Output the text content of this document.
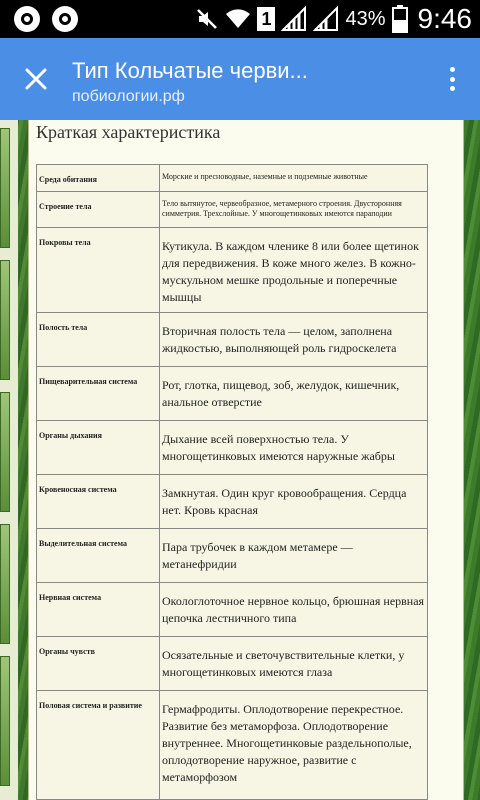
1	43% 9:46
Тип Кольчатые черви...
побиологии.рф
Краткая характеристика
Среда обитания	Морские и пресноводные, наземные и подземные животные
Строение тела	Тело вытянутое, червеобразное, метамерного строения. Двусторонняя симметрия. Трехслойные. У многощетинковых имеются параподии
Покровы тела	Кутикула. В каждом членике 8 или более щетинок для передвижения. В коже много желез. В кожно-мускульном мешке продольные и поперечные мышцы
Полость тела	Вторичная полость тела — целом, заполнена жидкостью, выполняющей роль гидроскелета
Пищеварительная система	Рот, глотка, пищевод, зоб, желудок, кишечник, анальное отверстие
Органы дыхания	Дыхание всей поверхностью тела. У многощетинковых имеются наружные жабры
Кровеносная система	Замкнутая. Один круг кровообращения. Сердца нет. Кровь красная
Выделительная система	Пара трубочек в каждом метамере — метанефридии
Нервная система	Окологлоточное нервное кольцо, брюшная нервная цепочка лестничного типа
Органы чувств	Осязательные и светочувствительные клетки, у многощетинковых имеются глаза
Половая система и развитие	Гермафродиты. Оплодотворение перекрестное. Развитие без метаморфоза. Оплодотворение внутреннее. Многощетинковые раздельнополые, оплодотворение наружное, развитие с метаморфозом
